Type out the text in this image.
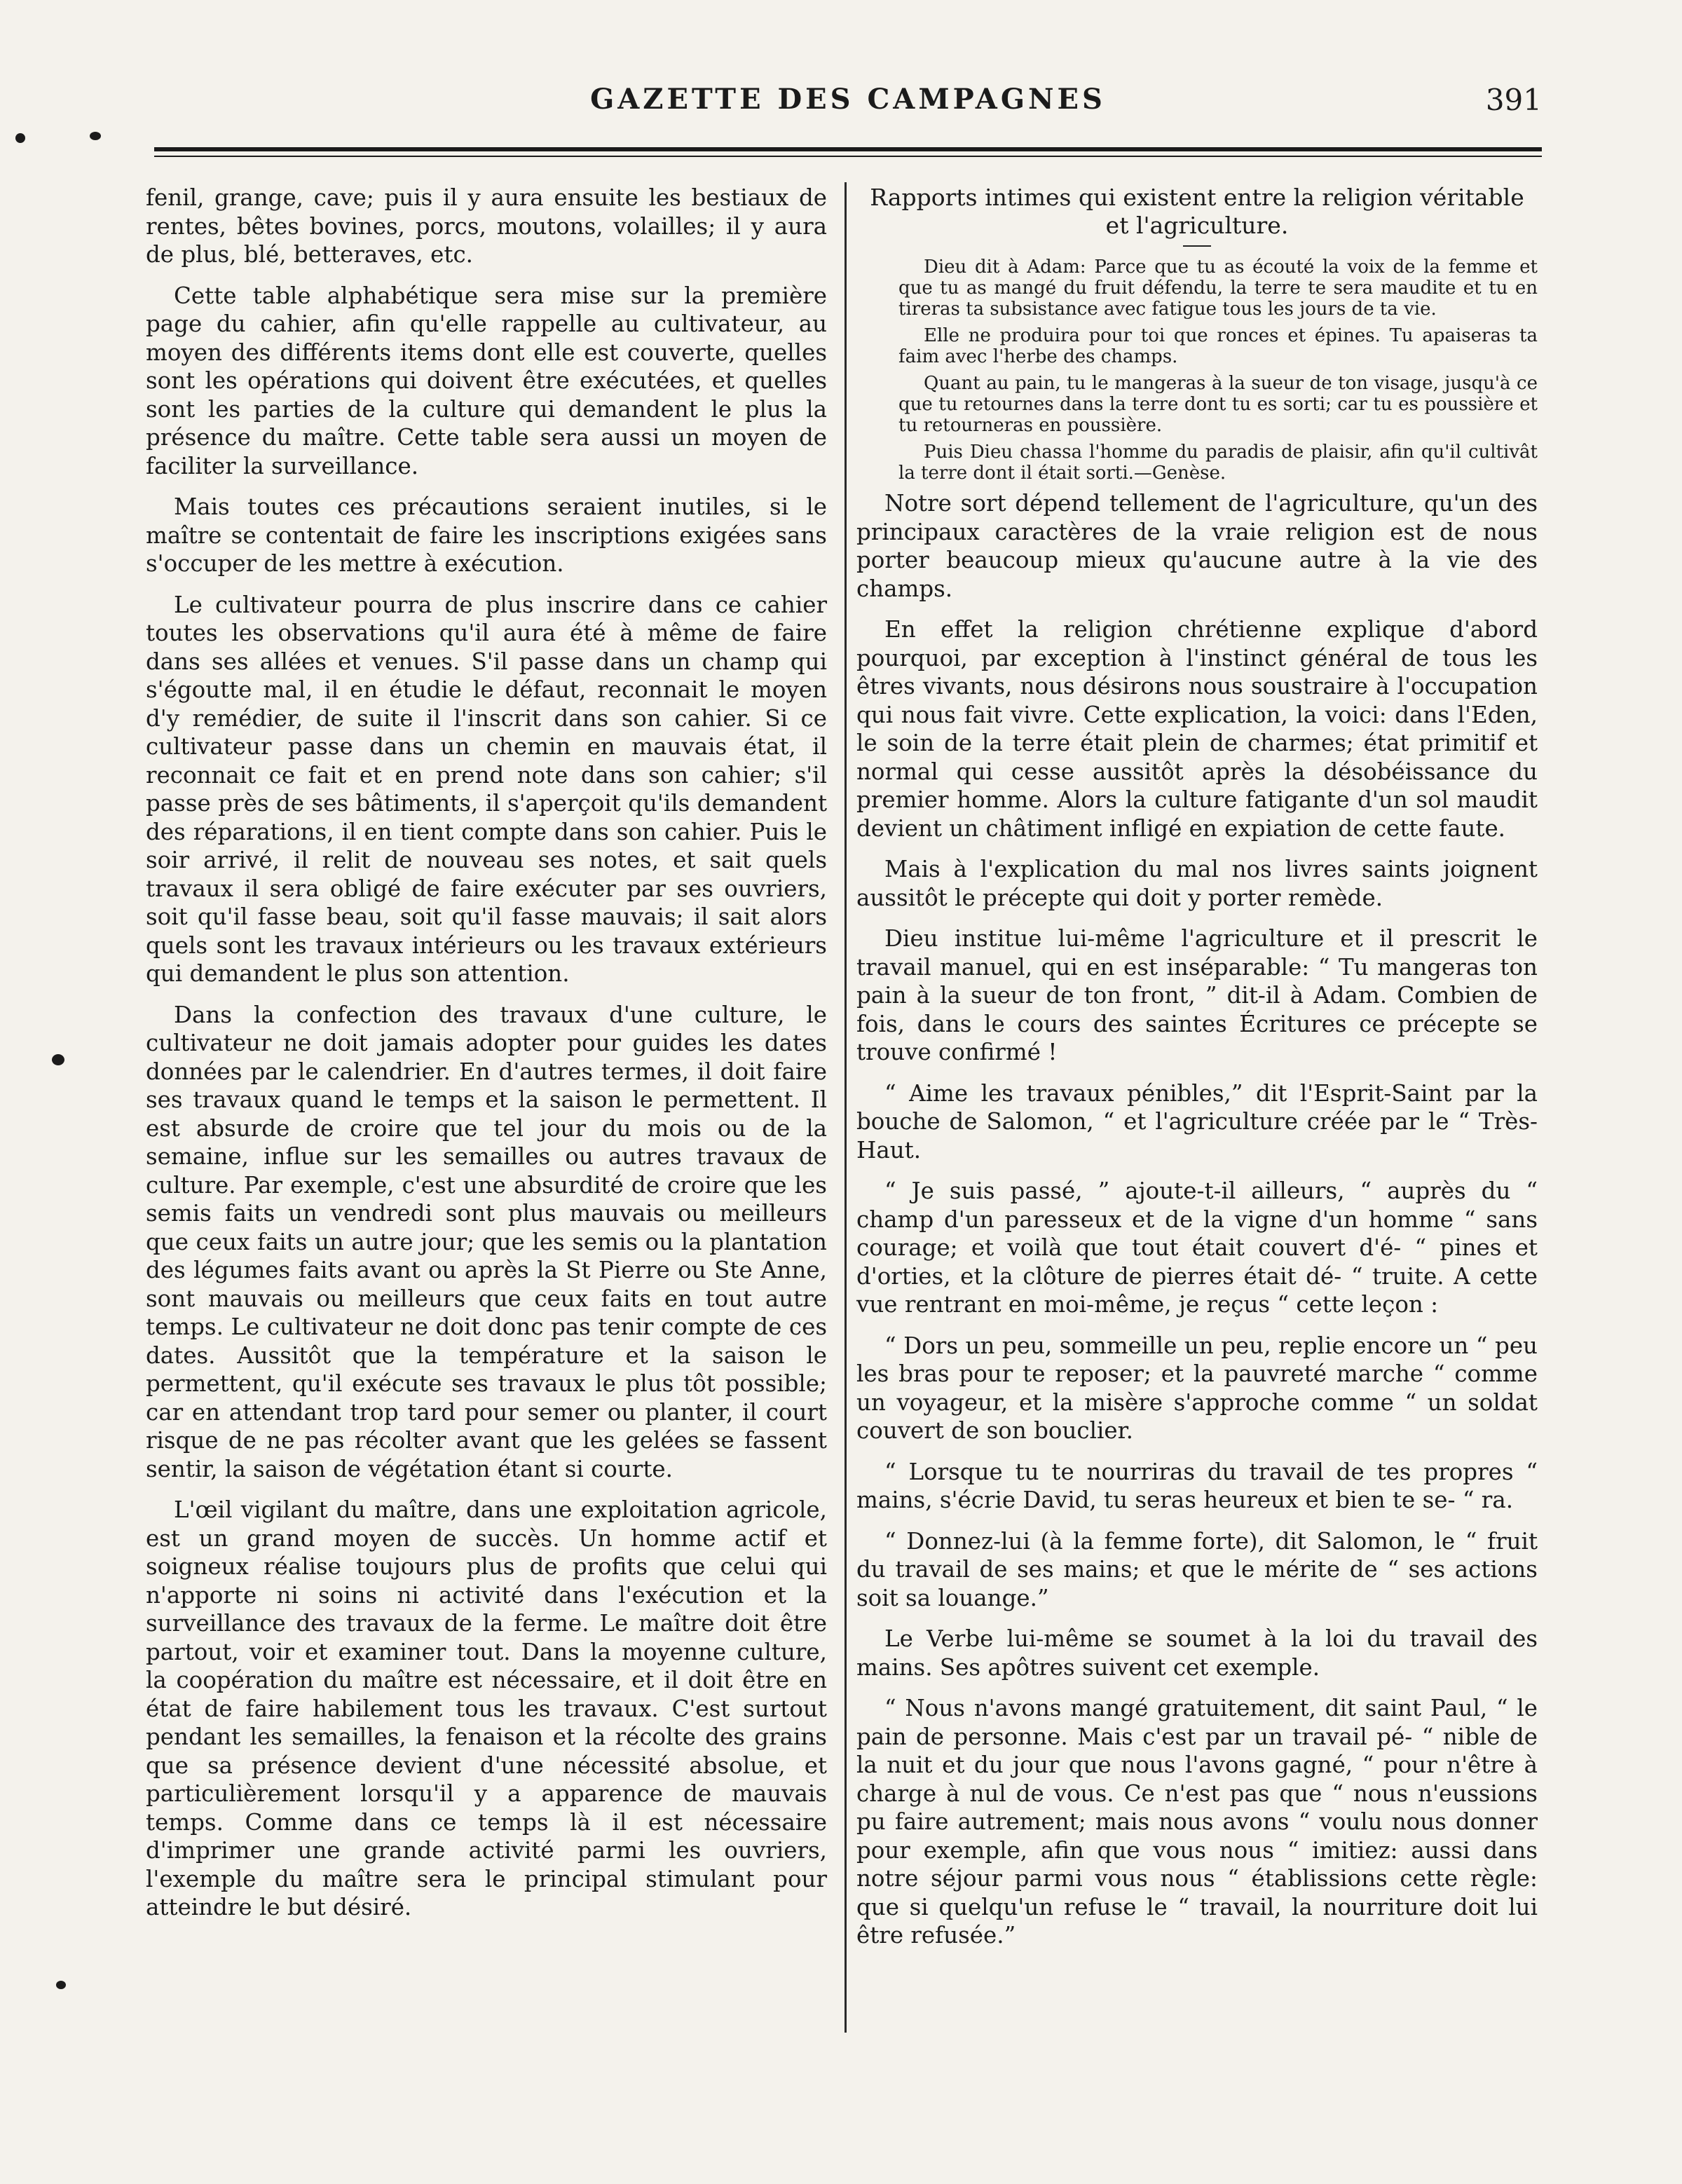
GAZETTE DES CAMPAGNES	391

fenil, grange, cave; puis il y aura ensuite les bestiaux de rentes, bêtes bovines, porcs, moutons, volailles; il y aura de plus, blé, betteraves, etc.

Cette table alphabétique sera mise sur la première page du cahier, afin qu'elle rappelle au cultivateur, au moyen des différents items dont elle est couverte, quelles sont les opérations qui doivent être exécutées, et quelles sont les parties de la culture qui demandent le plus la présence du maître. Cette table sera aussi un moyen de faciliter la surveillance.

Mais toutes ces précautions seraient inutiles, si le maître se contentait de faire les inscriptions exigées sans s'occuper de les mettre à exécution.

Le cultivateur pourra de plus inscrire dans ce cahier toutes les observations qu'il aura été à même de faire dans ses allées et venues. S'il passe dans un champ qui s'égoutte mal, il en étudie le défaut, reconnait le moyen d'y remédier, de suite il l'inscrit dans son cahier. Si ce cultivateur passe dans un chemin en mauvais état, il reconnait ce fait et en prend note dans son cahier; s'il passe près de ses bâtiments, il s'aperçoit qu'ils demandent des réparations, il en tient compte dans son cahier. Puis le soir arrivé, il relit de nouveau ses notes, et sait quels travaux il sera obligé de faire exécuter par ses ouvriers, soit qu'il fasse beau, soit qu'il fasse mauvais; il sait alors quels sont les travaux intérieurs ou les travaux extérieurs qui demandent le plus son attention.

Dans la confection des travaux d'une culture, le cultivateur ne doit jamais adopter pour guides les dates données par le calendrier. En d'autres termes, il doit faire ses travaux quand le temps et la saison le permettent. Il est absurde de croire que tel jour du mois ou de la semaine, influe sur les semailles ou autres travaux de culture. Par exemple, c'est une absurdité de croire que les semis faits un vendredi sont plus mauvais ou meilleurs que ceux faits un autre jour; que les semis ou la plantation des légumes faits avant ou après la St Pierre ou Ste Anne, sont mauvais ou meilleurs que ceux faits en tout autre temps. Le cultivateur ne doit donc pas tenir compte de ces dates. Aussitôt que la température et la saison le permettent, qu'il exécute ses travaux le plus tôt possible; car en attendant trop tard pour semer ou planter, il court risque de ne pas récolter avant que les gelées se fassent sentir, la saison de végétation étant si courte.

L'œil vigilant du maître, dans une exploitation agricole, est un grand moyen de succès. Un homme actif et soigneux réalise toujours plus de profits que celui qui n'apporte ni soins ni activité dans l'exécution et la surveillance des travaux de la ferme. Le maître doit être partout, voir et examiner tout. Dans la moyenne culture, la coopération du maître est nécessaire, et il doit être en état de faire habilement tous les travaux. C'est surtout pendant les semailles, la fenaison et la récolte des grains que sa présence devient d'une nécessité absolue, et particulièrement lorsqu'il y a apparence de mauvais temps. Comme dans ce temps là il est nécessaire d'imprimer une grande activité parmi les ouvriers, l'exemple du maître sera le principal stimulant pour atteindre le but désiré.

Rapports intimes qui existent entre la religion véritable et l'agriculture.

Dieu dit à Adam: Parce que tu as écouté la voix de la femme et que tu as mangé du fruit défendu, la terre te sera maudite et tu en tireras ta subsistance avec fatigue tous les jours de ta vie.

Elle ne produira pour toi que ronces et épines. Tu apaiseras ta faim avec l'herbe des champs.

Quant au pain, tu le mangeras à la sueur de ton visage, jusqu'à ce que tu retournes dans la terre dont tu es sorti; car tu es poussière et tu retourneras en poussière.

Puis Dieu chassa l'homme du paradis de plaisir, afin qu'il cultivât la terre dont il était sorti.—Genèse.

Notre sort dépend tellement de l'agriculture, qu'un des principaux caractères de la vraie religion est de nous porter beaucoup mieux qu'aucune autre à la vie des champs.

En effet la religion chrétienne explique d'abord pourquoi, par exception à l'instinct général de tous les êtres vivants, nous désirons nous soustraire à l'occupation qui nous fait vivre. Cette explication, la voici: dans l'Eden, le soin de la terre était plein de charmes; état primitif et normal qui cesse aussitôt après la désobéissance du premier homme. Alors la culture fatigante d'un sol maudit devient un châtiment infligé en expiation de cette faute.

Mais à l'explication du mal nos livres saints joignent aussitôt le précepte qui doit y porter remède.

Dieu institue lui-même l'agriculture et il prescrit le travail manuel, qui en est inséparable: “ Tu mangeras ton pain à la sueur de ton front, ” dit-il à Adam. Combien de fois, dans le cours des saintes Écritures ce précepte se trouve confirmé !

“ Aime les travaux pénibles,” dit l'Esprit-Saint par la bouche de Salomon, “ et l'agriculture créée par le “ Très-Haut.

“ Je suis passé, ” ajoute-t-il ailleurs, “ auprès du “ champ d'un paresseux et de la vigne d'un homme “ sans courage; et voilà que tout était couvert d'é- “ pines et d'orties, et la clôture de pierres était dé- “ truite. A cette vue rentrant en moi-même, je reçus “ cette leçon :

“ Dors un peu, sommeille un peu, replie encore un “ peu les bras pour te reposer; et la pauvreté marche “ comme un voyageur, et la misère s'approche comme “ un soldat couvert de son bouclier.

“ Lorsque tu te nourriras du travail de tes propres “ mains, s'écrie David, tu seras heureux et bien te se- “ ra.

“ Donnez-lui (à la femme forte), dit Salomon, le “ fruit du travail de ses mains; et que le mérite de “ ses actions soit sa louange.”

Le Verbe lui-même se soumet à la loi du travail des mains. Ses apôtres suivent cet exemple.

“ Nous n'avons mangé gratuitement, dit saint Paul, “ le pain de personne. Mais c'est par un travail pé- “ nible de la nuit et du jour que nous l'avons gagné, “ pour n'être à charge à nul de vous. Ce n'est pas que “ nous n'eussions pu faire autrement; mais nous avons “ voulu nous donner pour exemple, afin que vous nous “ imitiez: aussi dans notre séjour parmi vous nous “ établissions cette règle: que si quelqu'un refuse le “ travail, la nourriture doit lui être refusée.”
